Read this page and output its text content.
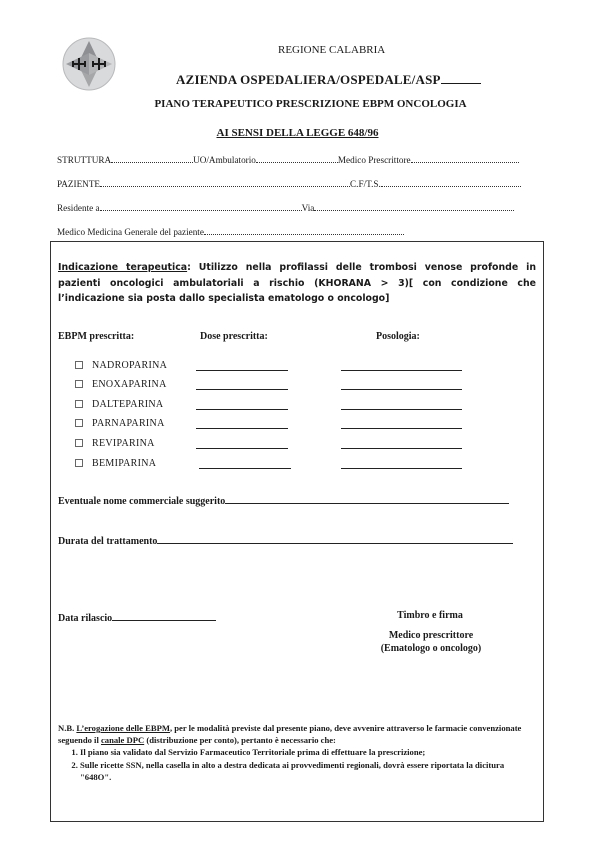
REGIONE CALABRIA
AZIENDA OSPEDALIERA/OSPEDALE/ASP
PIANO TERAPEUTICO PRESCRIZIONE EBPM ONCOLOGIA
AI SENSI DELLA LEGGE 648/96
STRUTTURA	UO/Ambulatorio	Medico Prescrittore
PAZIENTE	C.F/T.S.
Residente a	Via
Medico Medicina Generale del paziente
Indicazione terapeutica: Utilizzo nella profilassi delle trombosi venose profonde in pazienti oncologici ambulatoriali a rischio (KHORANA > 3)[ con condizione che l’indicazione sia posta dallo specialista ematologo o oncologo]
EBPM prescritta:	Dose prescritta:	Posologia:
NADROPARINA
ENOXAPARINA
DALTEPARINA
PARNAPARINA
REVIPARINA
BEMIPARINA
Eventuale nome commerciale suggerito
Durata del trattamento
Data rilascio	Timbro e firma
Medico prescrittore
(Ematologo o oncologo)
N.B. L’erogazione delle EBPM, per le modalità previste dal presente piano, deve avvenire attraverso le farmacie convenzionate seguendo il canale DPC (distribuzione per conto), pertanto è necessario che:
1. Il piano sia validato dal Servizio Farmaceutico Territoriale prima di effettuare la prescrizione;
2. Sulle ricette SSN, nella casella in alto a destra dedicata ai provvedimenti regionali, dovrà essere riportata la dicitura "648O".
